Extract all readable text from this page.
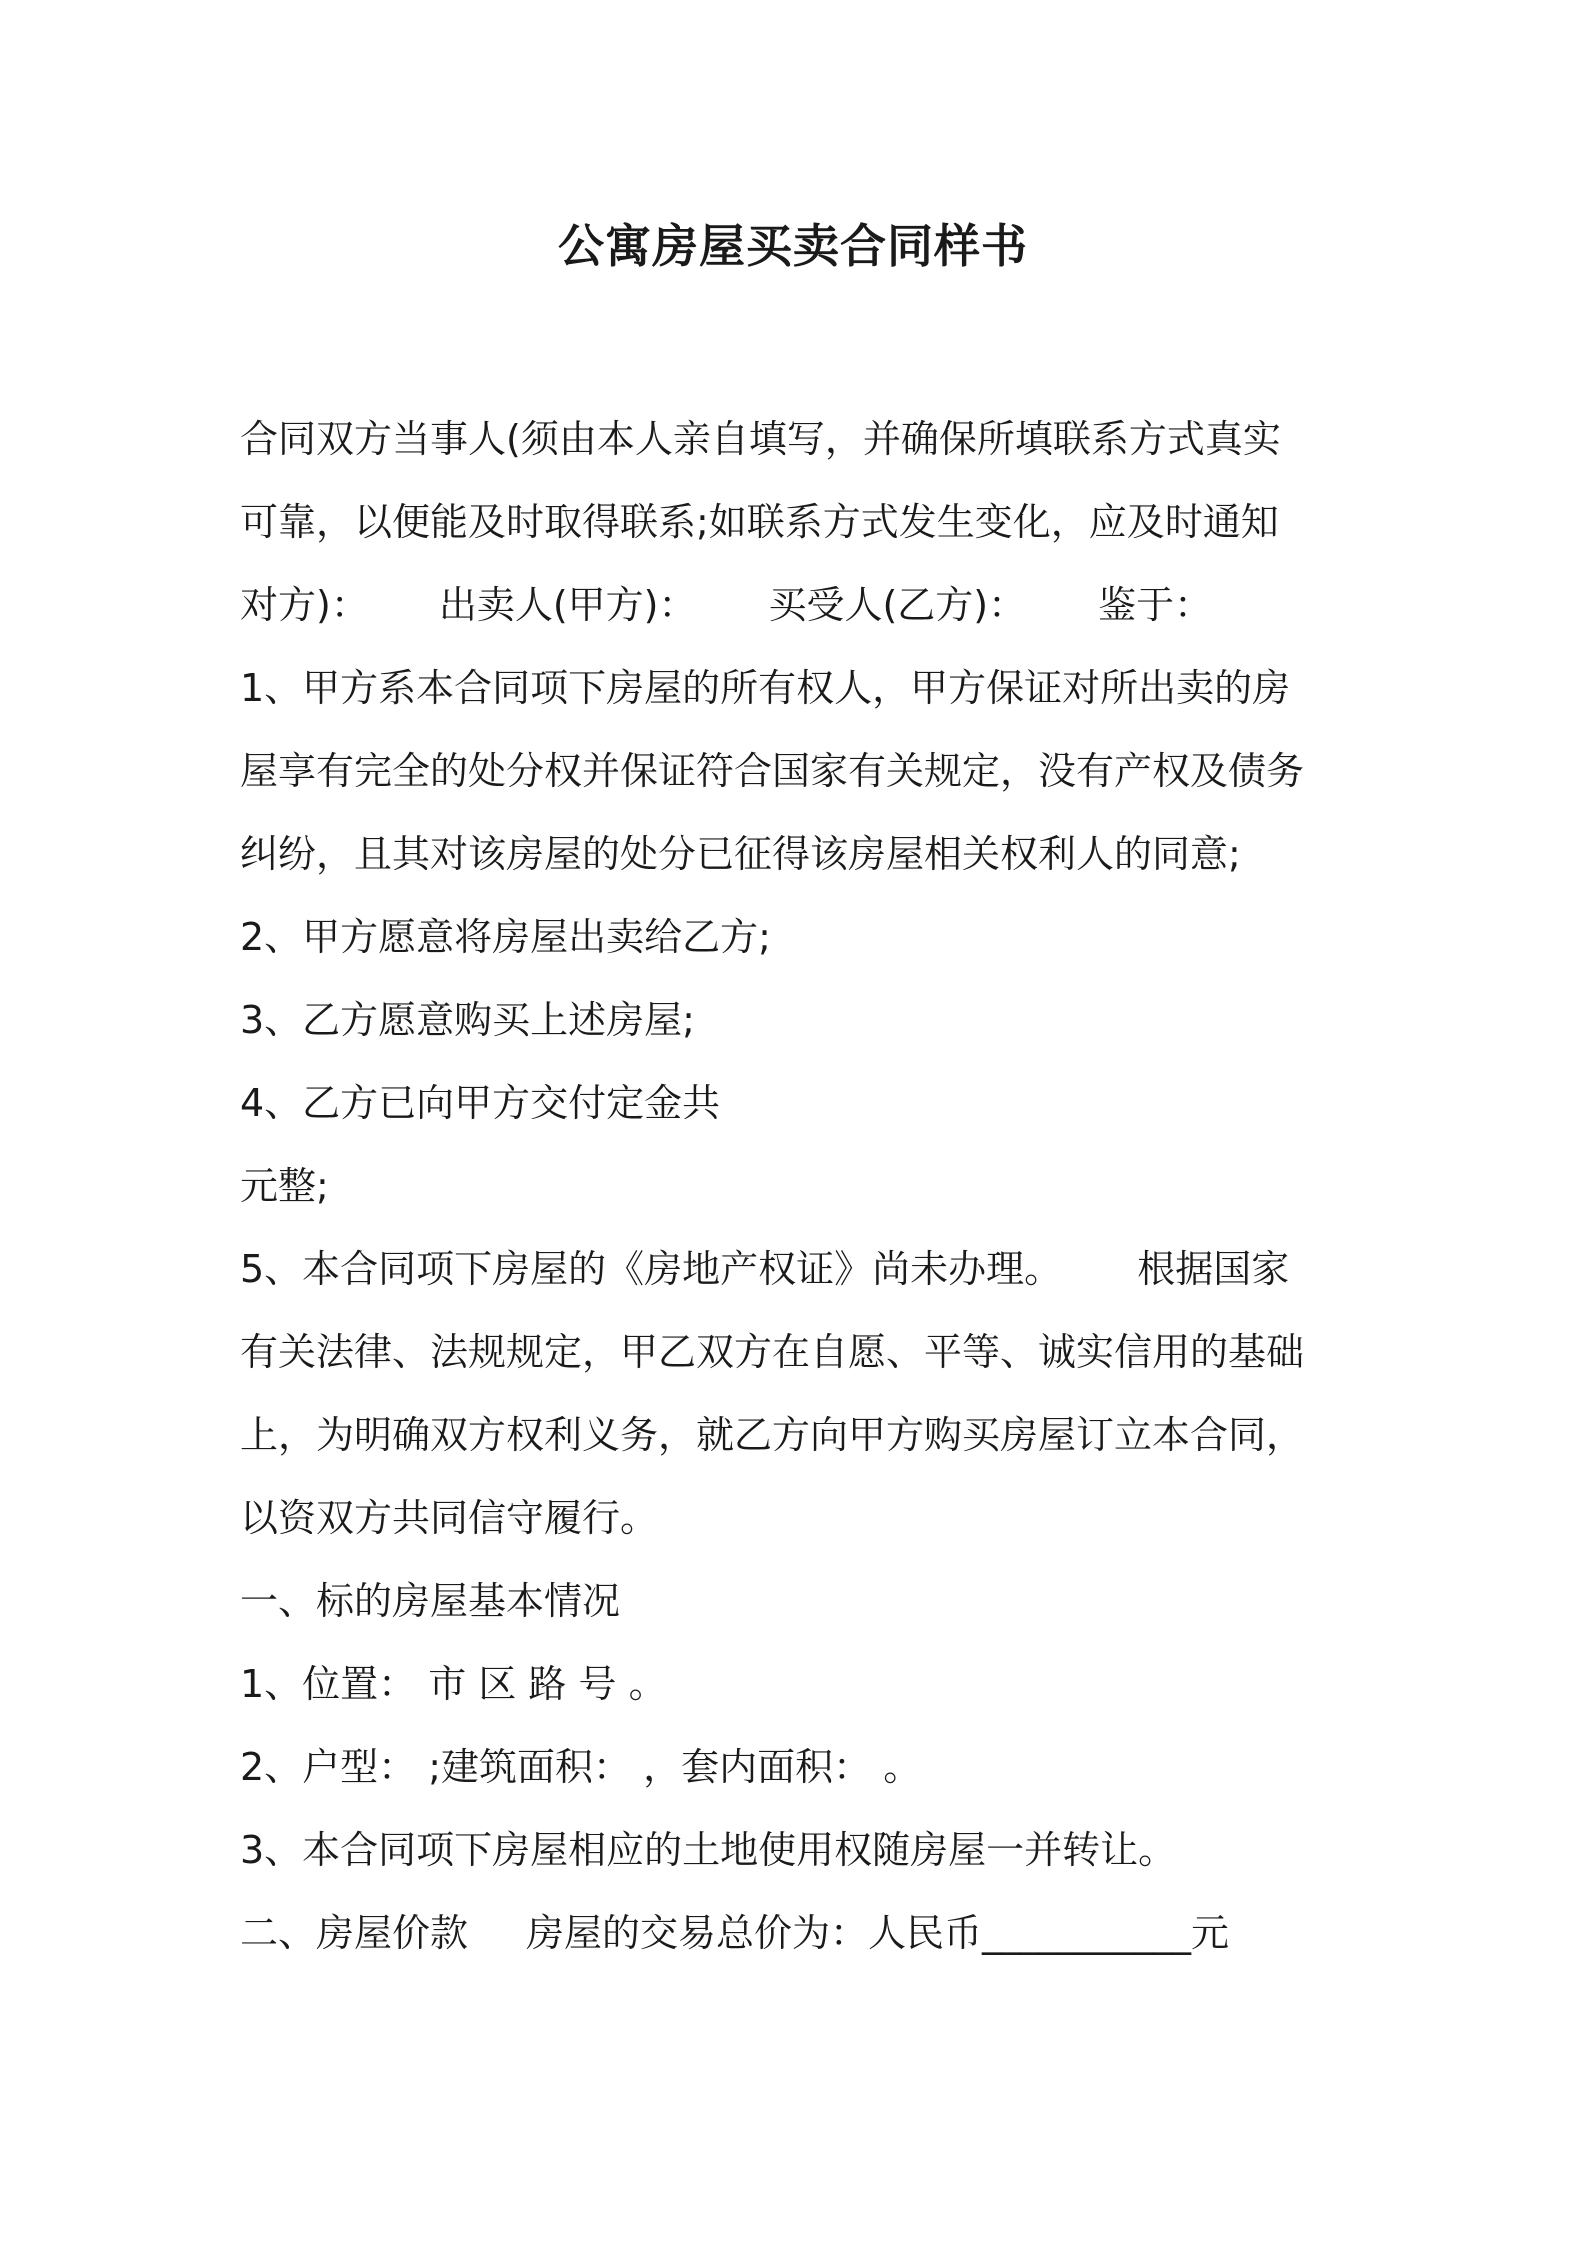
公寓房屋买卖合同样书
合同双方当事人(须由本人亲自填写，并确保所填联系方式真实
可靠，以便能及时取得联系;如联系方式发生变化，应及时通知
对方)： 出卖人(甲方)： 买受人(乙方)： 鉴于：
1、甲方系本合同项下房屋的所有权人，甲方保证对所出卖的房
屋享有完全的处分权并保证符合国家有关规定，没有产权及债务
纠纷，且其对该房屋的处分已征得该房屋相关权利人的同意;
2、甲方愿意将房屋出卖给乙方;
3、乙方愿意购买上述房屋;
4、乙方已向甲方交付定金共
元整;
5、本合同项下房屋的《房地产权证》尚未办理。 根据国家
有关法律、法规规定，甲乙双方在自愿、平等、诚实信用的基础
上，为明确双方权利义务，就乙方向甲方购买房屋订立本合同，
以资双方共同信守履行。
一、标的房屋基本情况
1、位置： 市 区 路 号 。
2、户型： ;建筑面积： ，套内面积： 。
3、本合同项下房屋相应的土地使用权随房屋一并转让。
二、房屋价款 房屋的交易总价为：人民币___________元
